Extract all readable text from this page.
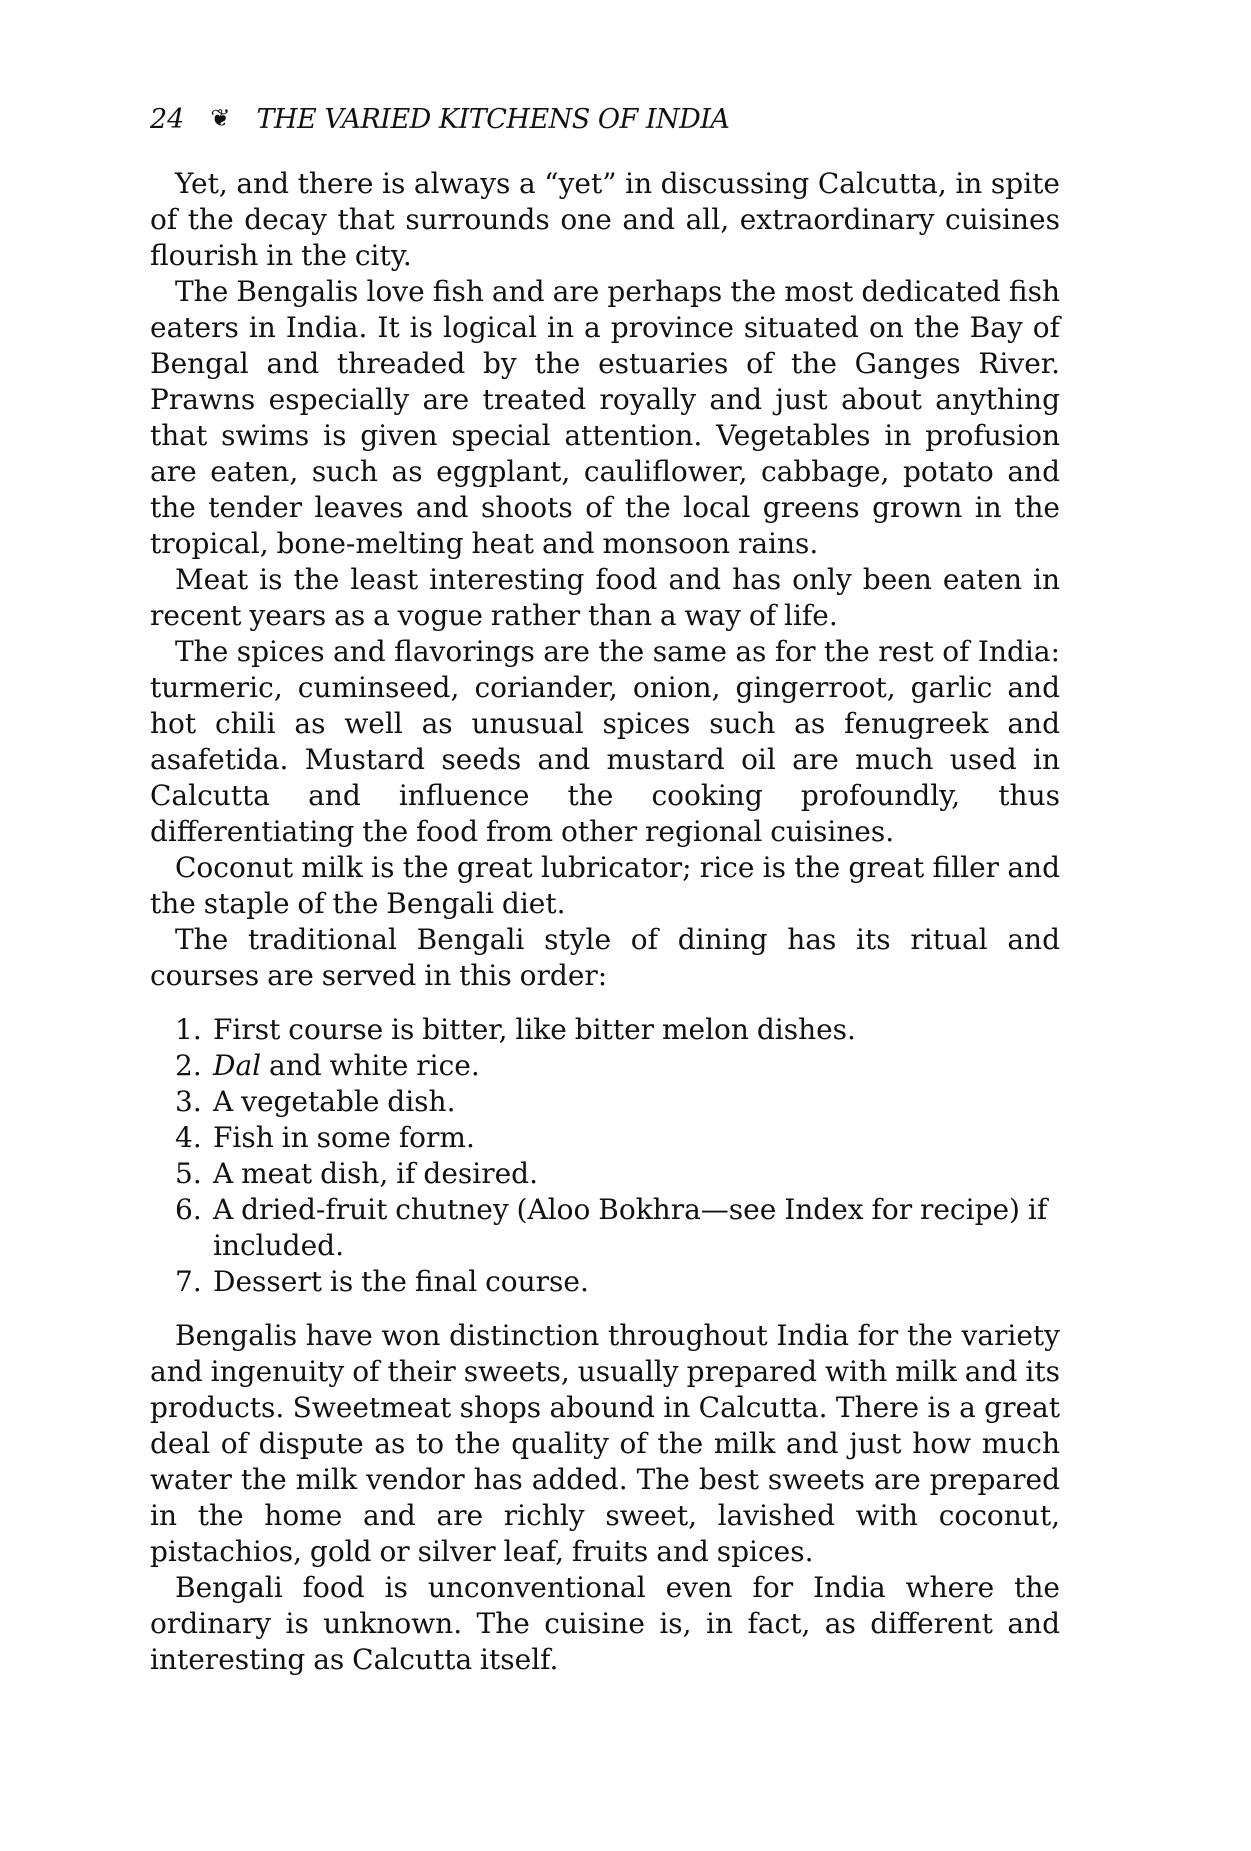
24 ❦ THE VARIED KITCHENS OF INDIA

Yet, and there is always a “yet” in discussing Calcutta, in spite of the decay that surrounds one and all, extraordinary cuisines flourish in the city.

The Bengalis love fish and are perhaps the most dedicated fish eaters in India. It is logical in a province situated on the Bay of Bengal and threaded by the estuaries of the Ganges River. Prawns especially are treated royally and just about anything that swims is given special attention. Vegetables in profusion are eaten, such as eggplant, cauliflower, cabbage, potato and the tender leaves and shoots of the local greens grown in the tropical, bone-melting heat and monsoon rains.

Meat is the least interesting food and has only been eaten in recent years as a vogue rather than a way of life.

The spices and flavorings are the same as for the rest of India: turmeric, cuminseed, coriander, onion, gingerroot, garlic and hot chili as well as unusual spices such as fenugreek and asafetida. Mustard seeds and mustard oil are much used in Calcutta and influence the cooking profoundly, thus differentiating the food from other regional cuisines.

Coconut milk is the great lubricator; rice is the great filler and the staple of the Bengali diet.

The traditional Bengali style of dining has its ritual and courses are served in this order:

1. First course is bitter, like bitter melon dishes.
2. Dal and white rice.
3. A vegetable dish.
4. Fish in some form.
5. A meat dish, if desired.
6. A dried-fruit chutney (Aloo Bokhra—see Index for recipe) if included.
7. Dessert is the final course.

Bengalis have won distinction throughout India for the variety and ingenuity of their sweets, usually prepared with milk and its products. Sweetmeat shops abound in Calcutta. There is a great deal of dispute as to the quality of the milk and just how much water the milk vendor has added. The best sweets are prepared in the home and are richly sweet, lavished with coconut, pistachios, gold or silver leaf, fruits and spices.

Bengali food is unconventional even for India where the ordinary is unknown. The cuisine is, in fact, as different and interesting as Calcutta itself.
